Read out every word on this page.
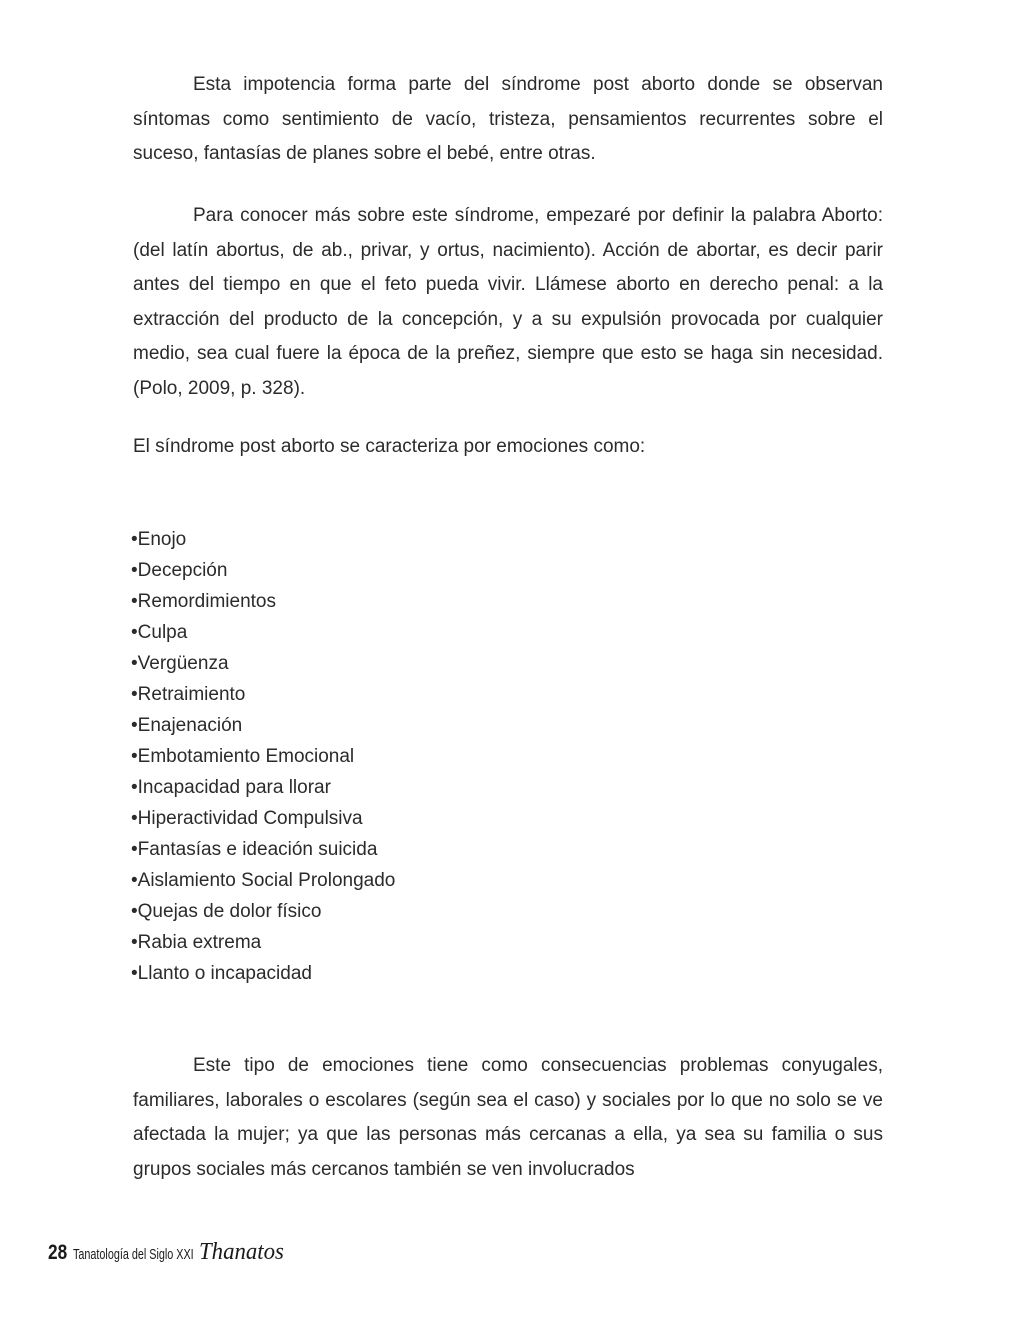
Esta impotencia forma parte del síndrome post aborto donde se observan síntomas como sentimiento de vacío, tristeza, pensamientos recurrentes sobre el suceso, fantasías de planes sobre el bebé, entre otras.

Para conocer más sobre este síndrome, empezaré por definir la palabra Aborto: (del latín abortus, de ab., privar, y ortus, nacimiento). Acción de abortar, es decir parir antes del tiempo en que el feto pueda vivir. Llámese aborto en derecho penal: a la extracción del producto de la concepción, y a su expulsión provocada por cualquier medio, sea cual fuere la época de la preñez, siempre que esto se haga sin necesidad. (Polo, 2009, p. 328).

El síndrome post aborto se caracteriza por emociones como:

•Enojo
•Decepción
•Remordimientos
•Culpa
•Vergüenza
•Retraimiento
•Enajenación
•Embotamiento Emocional
•Incapacidad para llorar
•Hiperactividad Compulsiva
•Fantasías e ideación suicida
•Aislamiento Social Prolongado
•Quejas de dolor físico
•Rabia extrema
•Llanto o incapacidad

Este tipo de emociones tiene como consecuencias problemas conyugales, familiares, laborales o escolares (según sea el caso) y sociales por lo que no solo se ve afectada la mujer; ya que las personas más cercanas a ella, ya sea su familia o sus grupos sociales más cercanos también se ven involucrados

28 Tanatología del Siglo XXI Thanatos
